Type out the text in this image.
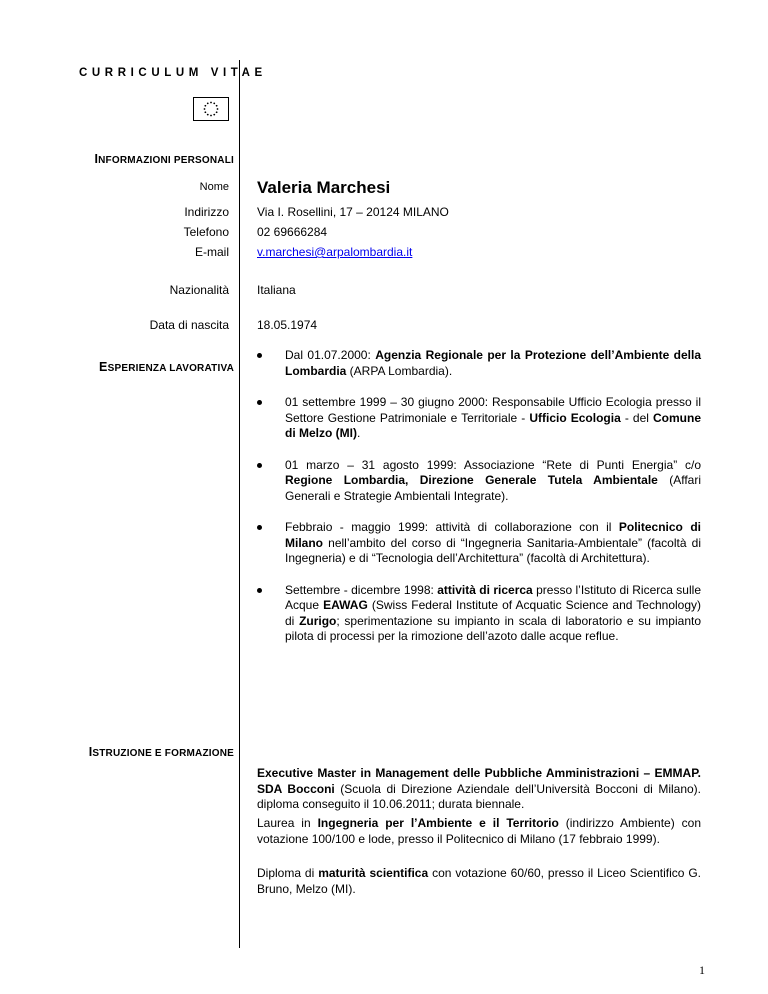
CURRICULUM VITAE
INFORMAZIONI PERSONALI
Nome Valeria Marchesi
Indirizzo Via I. Rosellini, 17 – 20124 MILANO
Telefono 02 69666284
E-mail v.marchesi@arpalombardia.it
Nazionalità Italiana
Data di nascita 18.05.1974
ESPERIENZA LAVORATIVA
Dal 01.07.2000: Agenzia Regionale per la Protezione dell’Ambiente della Lombardia (ARPA Lombardia).
01 settembre 1999 – 30 giugno 2000: Responsabile Ufficio Ecologia presso il Settore Gestione Patrimoniale e Territoriale - Ufficio Ecologia - del Comune di Melzo (MI).
01 marzo – 31 agosto 1999: Associazione “Rete di Punti Energia” c/o Regione Lombardia, Direzione Generale Tutela Ambientale (Affari Generali e Strategie Ambientali Integrate).
Febbraio - maggio 1999: attività di collaborazione con il Politecnico di Milano nell’ambito del corso di “Ingegneria Sanitaria-Ambientale” (facoltà di Ingegneria) e di “Tecnologia dell’Architettura” (facoltà di Architettura).
Settembre - dicembre 1998: attività di ricerca presso l’Istituto di Ricerca sulle Acque EAWAG (Swiss Federal Institute of Acquatic Science and Technology) di Zurigo; sperimentazione su impianto in scala di laboratorio e su impianto pilota di processi per la rimozione dell’azoto dalle acque reflue.
ISTRUZIONE E FORMAZIONE

Executive Master in Management delle Pubbliche Amministrazioni – EMMAP. SDA Bocconi (Scuola di Direzione Aziendale dell’Università Bocconi di Milano). diploma conseguito il 10.06.2011; durata biennale.

Laurea in Ingegneria per l’Ambiente e il Territorio (indirizzo Ambiente) con votazione 100/100 e lode, presso il Politecnico di Milano (17 febbraio 1999).

Diploma di maturità scientifica con votazione 60/60, presso il Liceo Scientifico G. Bruno, Melzo (MI).

1
